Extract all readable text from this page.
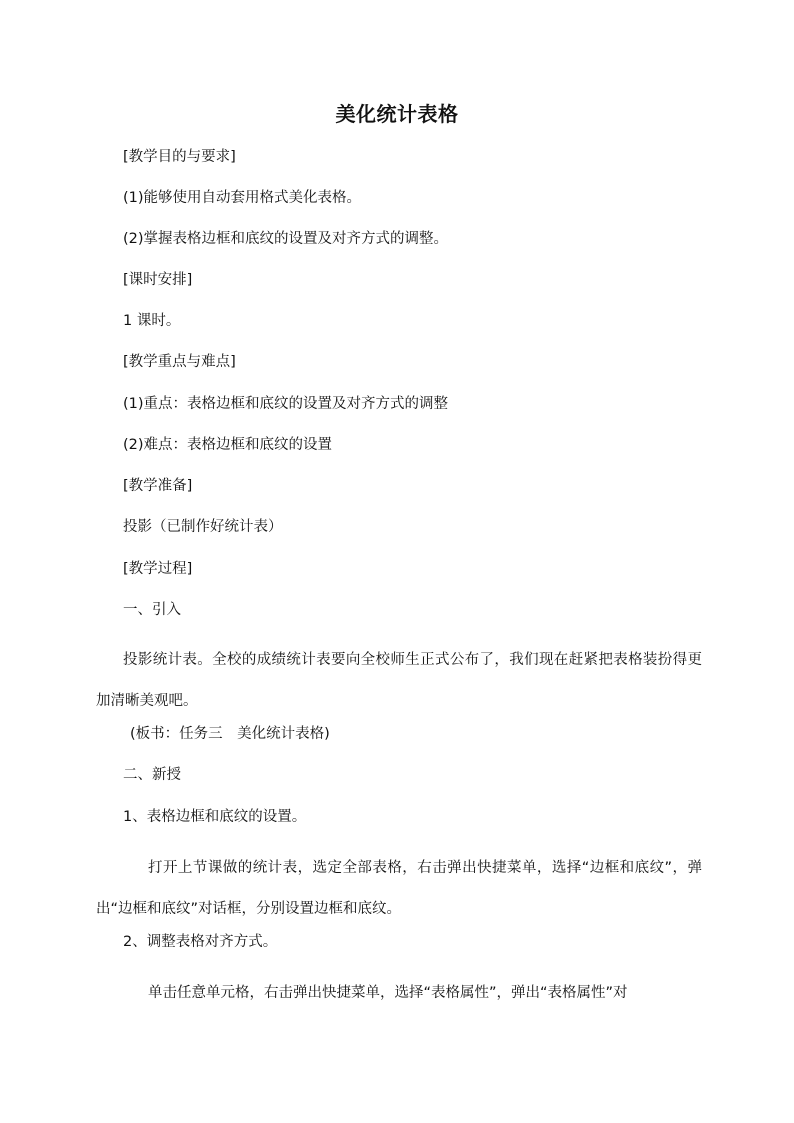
美化统计表格
[教学目的与要求]
(1)能够使用自动套用格式美化表格。
(2)掌握表格边框和底纹的设置及对齐方式的调整。
[课时安排]
1 课时。
[教学重点与难点]
(1)重点：表格边框和底纹的设置及对齐方式的调整
(2)难点：表格边框和底纹的设置
[教学准备]
投影（已制作好统计表）
[教学过程]
一、引入
投影统计表。全校的成绩统计表要向全校师生正式公布了，我们现在赶紧把表格装扮得更加清晰美观吧。
(板书：任务三　美化统计表格)
二、新授
1、表格边框和底纹的设置。
打开上节课做的统计表，选定全部表格，右击弹出快捷菜单，选择“边框和底纹”，弹出“边框和底纹”对话框，分别设置边框和底纹。
2、调整表格对齐方式。
单击任意单元格，右击弹出快捷菜单，选择“表格属性”，弹出“表格属性”对
